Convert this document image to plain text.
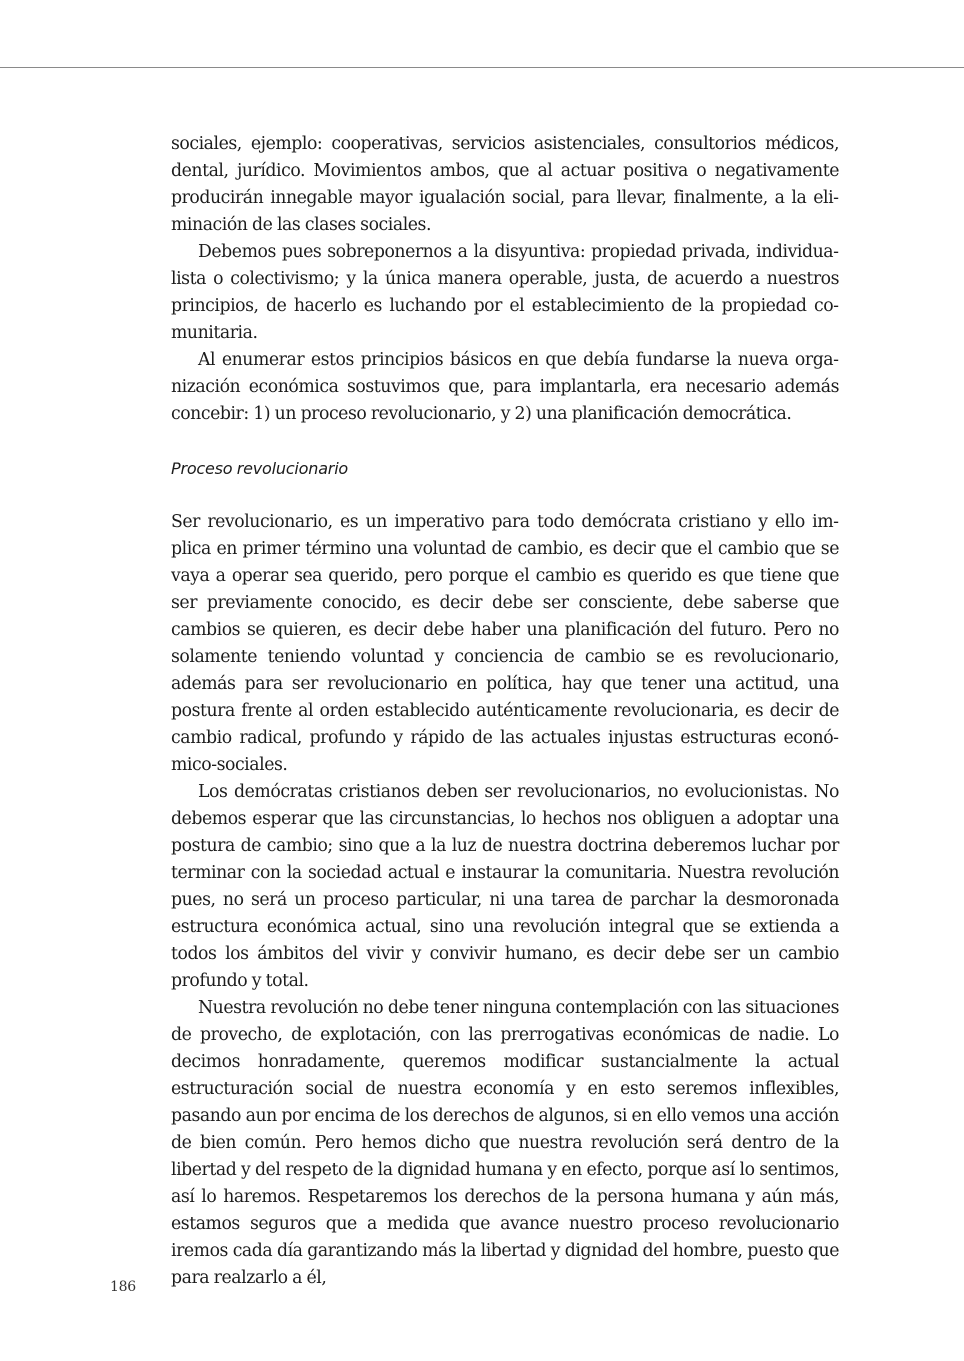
sociales, ejemplo: cooperativas, servicios asistenciales, consultorios médicos, dental, jurídico. Movimientos ambos, que al actuar positiva o negativamente producirán innegable mayor igualación social, para llevar, finalmente, a la eliminación de las clases sociales.

Debemos pues sobreponernos a la disyuntiva: propiedad privada, individualista o colectivismo; y la única manera operable, justa, de acuerdo a nuestros principios, de hacerlo es luchando por el establecimiento de la propiedad comunitaria.

Al enumerar estos principios básicos en que debía fundarse la nueva organización económica sostuvimos que, para implantarla, era necesario además concebir: 1) un proceso revolucionario, y 2) una planificación democrática.

Proceso revolucionario

Ser revolucionario, es un imperativo para todo demócrata cristiano y ello implica en primer término una voluntad de cambio, es decir que el cambio que se vaya a operar sea querido, pero porque el cambio es querido es que tiene que ser previamente conocido, es decir debe ser consciente, debe saberse que cambios se quieren, es decir debe haber una planificación del futuro. Pero no solamente teniendo voluntad y conciencia de cambio se es revolucionario, además para ser revolucionario en política, hay que tener una actitud, una postura frente al orden establecido auténticamente revolucionaria, es decir de cambio radical, profundo y rápido de las actuales injustas estructuras económico-sociales.

Los demócratas cristianos deben ser revolucionarios, no evolucionistas. No debemos esperar que las circunstancias, lo hechos nos obliguen a adoptar una postura de cambio; sino que a la luz de nuestra doctrina deberemos luchar por terminar con la sociedad actual e instaurar la comunitaria. Nuestra revolución pues, no será un proceso particular, ni una tarea de parchar la desmoronada estructura económica actual, sino una revolución integral que se extienda a todos los ámbitos del vivir y convivir humano, es decir debe ser un cambio profundo y total.

Nuestra revolución no debe tener ninguna contemplación con las situaciones de provecho, de explotación, con las prerrogativas económicas de nadie. Lo decimos honradamente, queremos modificar sustancialmente la actual estructuración social de nuestra economía y en esto seremos inflexibles, pasando aun por encima de los derechos de algunos, si en ello vemos una acción de bien común. Pero hemos dicho que nuestra revolución será dentro de la libertad y del respeto de la dignidad humana y en efecto, porque así lo sentimos, así lo haremos. Respetaremos los derechos de la persona humana y aún más, estamos seguros que a medida que avance nuestro proceso revolucionario iremos cada día garantizando más la libertad y dignidad del hombre, puesto que para realzarlo a él,

186
